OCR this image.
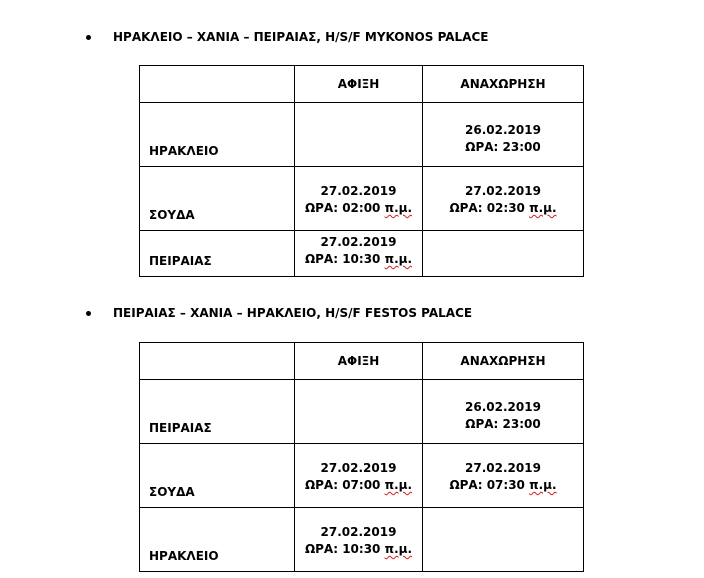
ΗΡΑΚΛΕΙΟ – ΧΑΝΙΑ – ΠΕΙΡΑΙΑΣ, H/S/F MYKONOS PALACE
ΑΦΙΞΗ	ΑΝΑΧΩΡΗΣΗ
ΗΡΑΚΛΕΙΟ
26.02.2019
ΩΡΑ: 23:00
ΣΟΥΔΑ
27.02.2019
ΩΡΑ: 02:00 π.μ.
27.02.2019
ΩΡΑ: 02:30 π.μ.
ΠΕΙΡΑΙΑΣ
27.02.2019
ΩΡΑ: 10:30 π.μ.
ΠΕΙΡΑΙΑΣ – ΧΑΝΙΑ – ΗΡΑΚΛΕΙΟ, H/S/F FESTOS PALACE
ΑΦΙΞΗ	ΑΝΑΧΩΡΗΣΗ
ΠΕΙΡΑΙΑΣ
26.02.2019
ΩΡΑ: 23:00
ΣΟΥΔΑ
27.02.2019
ΩΡΑ: 07:00 π.μ.
27.02.2019
ΩΡΑ: 07:30 π.μ.
ΗΡΑΚΛΕΙΟ
27.02.2019
ΩΡΑ: 10:30 π.μ.
